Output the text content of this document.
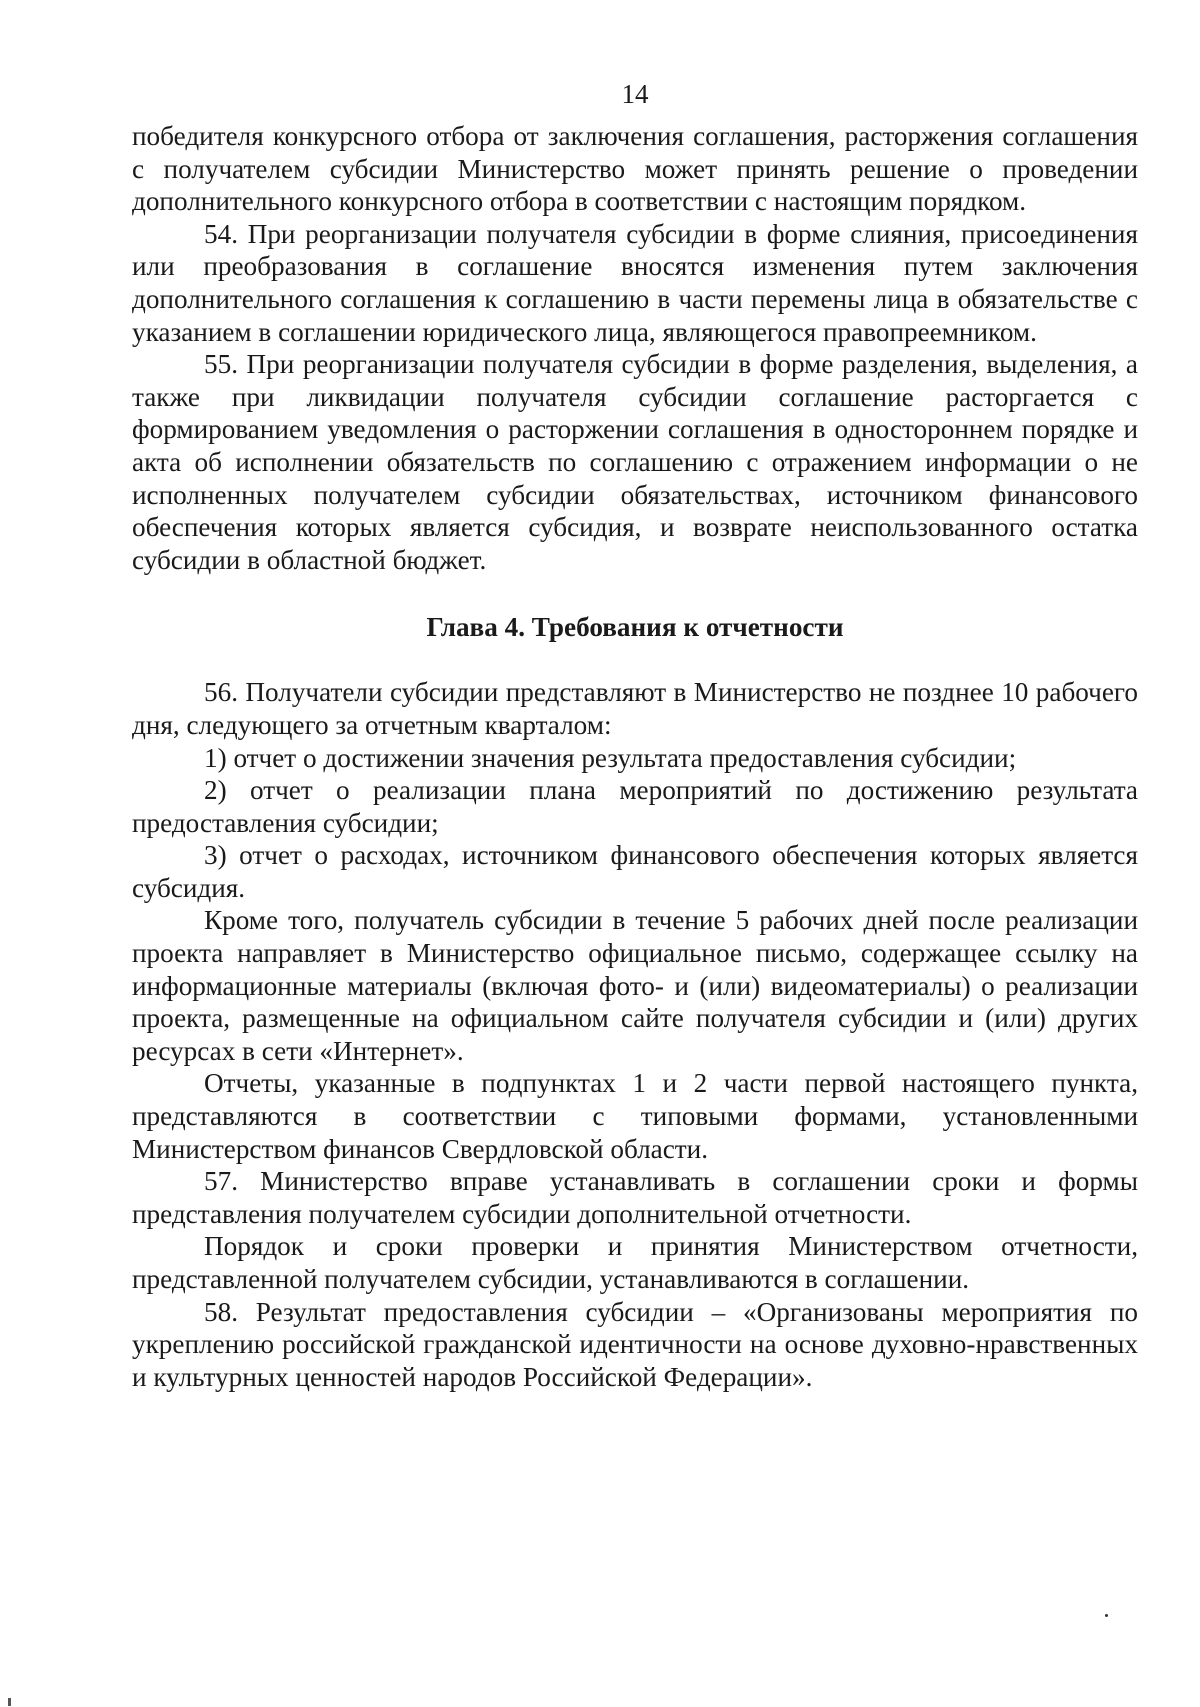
14

победителя конкурсного отбора от заключения соглашения, расторжения соглашения с получателем субсидии Министерство может принять решение о проведении дополнительного конкурсного отбора в соответствии с настоящим порядком.

54. При реорганизации получателя субсидии в форме слияния, присоединения или преобразования в соглашение вносятся изменения путем заключения дополнительного соглашения к соглашению в части перемены лица в обязательстве с указанием в соглашении юридического лица, являющегося правопреемником.

55. При реорганизации получателя субсидии в форме разделения, выделения, а также при ликвидации получателя субсидии соглашение расторгается с формированием уведомления о расторжении соглашения в одностороннем порядке и акта об исполнении обязательств по соглашению с отражением информации о не исполненных получателем субсидии обязательствах, источником финансового обеспечения которых является субсидия, и возврате неиспользованного остатка субсидии в областной бюджет.

Глава 4. Требования к отчетности

56. Получатели субсидии представляют в Министерство не позднее 10 рабочего дня, следующего за отчетным кварталом:

1) отчет о достижении значения результата предоставления субсидии;

2) отчет о реализации плана мероприятий по достижению результата предоставления субсидии;

3) отчет о расходах, источником финансового обеспечения которых является субсидия.

Кроме того, получатель субсидии в течение 5 рабочих дней после реализации проекта направляет в Министерство официальное письмо, содержащее ссылку на информационные материалы (включая фото- и (или) видеоматериалы) о реализации проекта, размещенные на официальном сайте получателя субсидии и (или) других ресурсах в сети «Интернет».

Отчеты, указанные в подпунктах 1 и 2 части первой настоящего пункта, представляются в соответствии с типовыми формами, установленными Министерством финансов Свердловской области.

57. Министерство вправе устанавливать в соглашении сроки и формы представления получателем субсидии дополнительной отчетности.

Порядок и сроки проверки и принятия Министерством отчетности, представленной получателем субсидии, устанавливаются в соглашении.

58. Результат предоставления субсидии – «Организованы мероприятия по укреплению российской гражданской идентичности на основе духовно-нравственных и культурных ценностей народов Российской Федерации».
